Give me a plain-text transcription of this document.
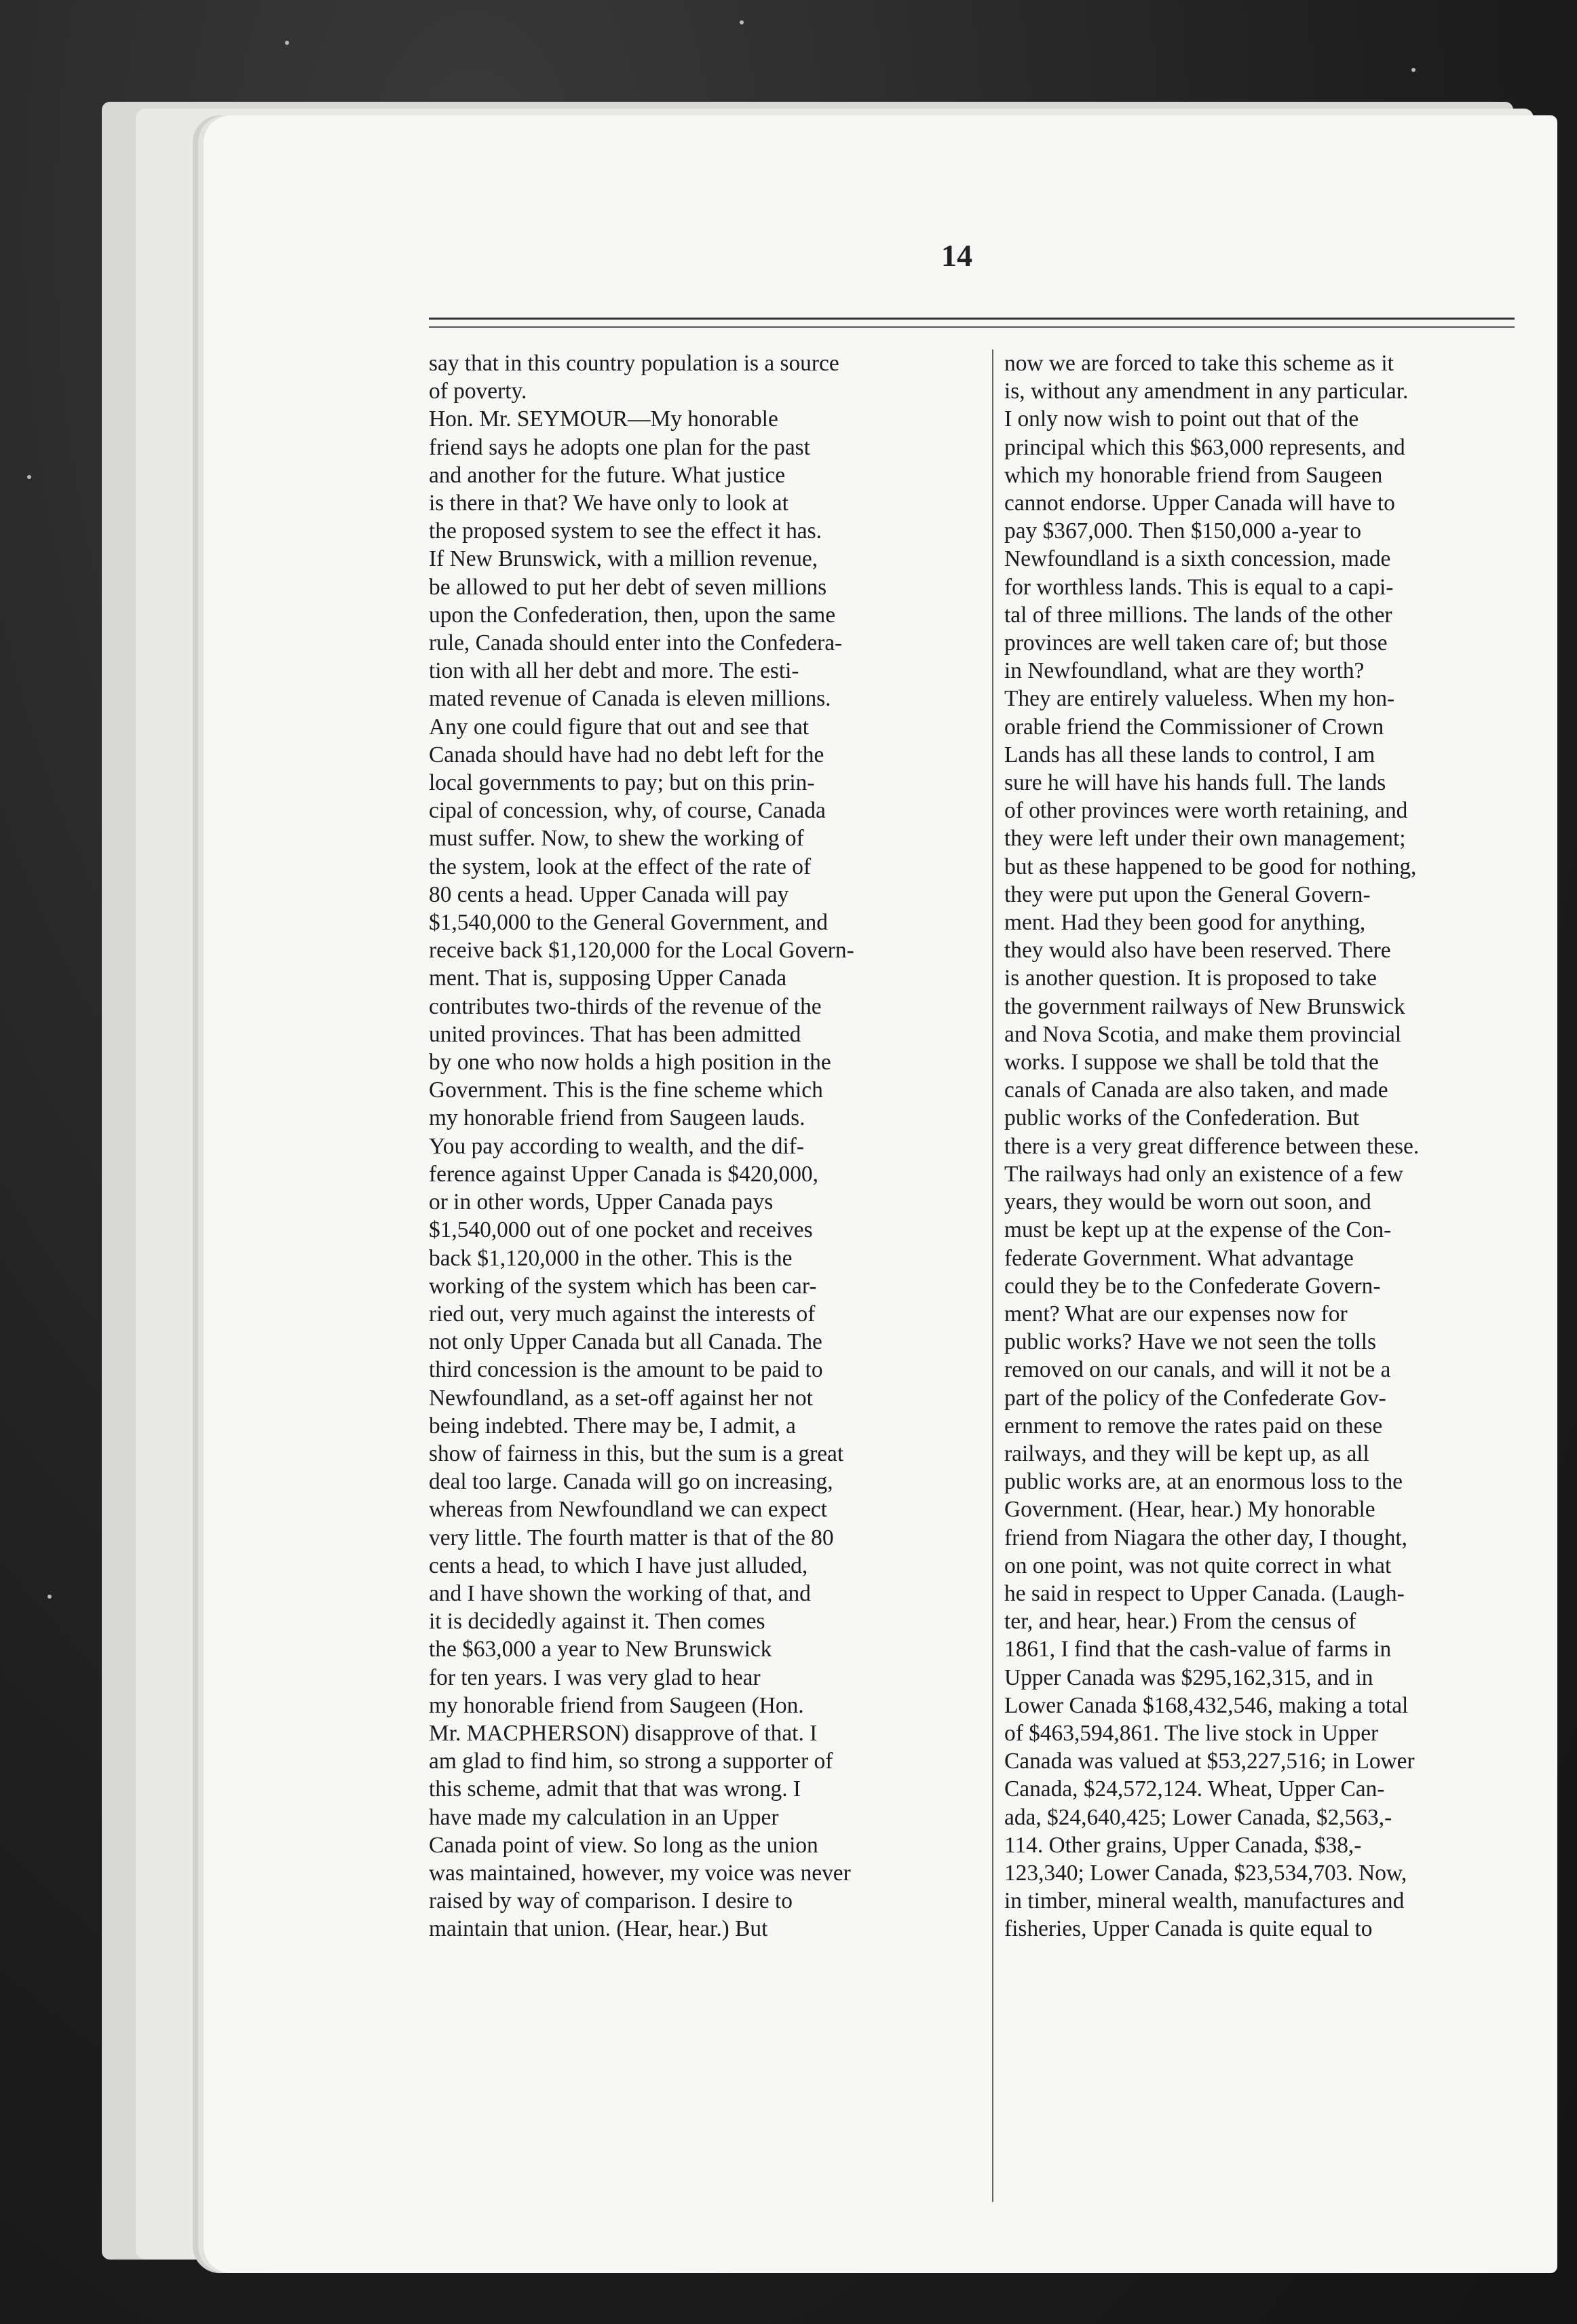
14
say that in this country population is a source
of poverty.
Hon. Mr. SEYMOUR—My honorable
friend says he adopts one plan for the past
and another for the future. What justice
is there in that? We have only to look at
the proposed system to see the effect it has.
If New Brunswick, with a million revenue,
be allowed to put her debt of seven millions
upon the Confederation, then, upon the same
rule, Canada should enter into the Confedera-
tion with all her debt and more. The esti-
mated revenue of Canada is eleven millions.
Any one could figure that out and see that
Canada should have had no debt left for the
local governments to pay; but on this prin-
cipal of concession, why, of course, Canada
must suffer. Now, to shew the working of
the system, look at the effect of the rate of
80 cents a head. Upper Canada will pay
$1,540,000 to the General Government, and
receive back $1,120,000 for the Local Govern-
ment. That is, supposing Upper Canada
contributes two-thirds of the revenue of the
united provinces. That has been admitted
by one who now holds a high position in the
Government. This is the fine scheme which
my honorable friend from Saugeen lauds.
You pay according to wealth, and the dif-
ference against Upper Canada is $420,000,
or in other words, Upper Canada pays
$1,540,000 out of one pocket and receives
back $1,120,000 in the other. This is the
working of the system which has been car-
ried out, very much against the interests of
not only Upper Canada but all Canada. The
third concession is the amount to be paid to
Newfoundland, as a set-off against her not
being indebted. There may be, I admit, a
show of fairness in this, but the sum is a great
deal too large. Canada will go on increasing,
whereas from Newfoundland we can expect
very little. The fourth matter is that of the 80
cents a head, to which I have just alluded,
and I have shown the working of that, and
it is decidedly against it. Then comes
the $63,000 a year to New Brunswick
for ten years. I was very glad to hear
my honorable friend from Saugeen (Hon.
Mr. MACPHERSON) disapprove of that. I
am glad to find him, so strong a supporter of
this scheme, admit that that was wrong. I
have made my calculation in an Upper
Canada point of view. So long as the union
was maintained, however, my voice was never
raised by way of comparison. I desire to
maintain that union. (Hear, hear.) But
now we are forced to take this scheme as it
is, without any amendment in any particular.
I only now wish to point out that of the
principal which this $63,000 represents, and
which my honorable friend from Saugeen
cannot endorse. Upper Canada will have to
pay $367,000. Then $150,000 a-year to
Newfoundland is a sixth concession, made
for worthless lands. This is equal to a capi-
tal of three millions. The lands of the other
provinces are well taken care of; but those
in Newfoundland, what are they worth?
They are entirely valueless. When my hon-
orable friend the Commissioner of Crown
Lands has all these lands to control, I am
sure he will have his hands full. The lands
of other provinces were worth retaining, and
they were left under their own management;
but as these happened to be good for nothing,
they were put upon the General Govern-
ment. Had they been good for anything,
they would also have been reserved. There
is another question. It is proposed to take
the government railways of New Brunswick
and Nova Scotia, and make them provincial
works. I suppose we shall be told that the
canals of Canada are also taken, and made
public works of the Confederation. But
there is a very great difference between these.
The railways had only an existence of a few
years, they would be worn out soon, and
must be kept up at the expense of the Con-
federate Government. What advantage
could they be to the Confederate Govern-
ment? What are our expenses now for
public works? Have we not seen the tolls
removed on our canals, and will it not be a
part of the policy of the Confederate Gov-
ernment to remove the rates paid on these
railways, and they will be kept up, as all
public works are, at an enormous loss to the
Government. (Hear, hear.) My honorable
friend from Niagara the other day, I thought,
on one point, was not quite correct in what
he said in respect to Upper Canada. (Laugh-
ter, and hear, hear.) From the census of
1861, I find that the cash-value of farms in
Upper Canada was $295,162,315, and in
Lower Canada $168,432,546, making a total
of $463,594,861. The live stock in Upper
Canada was valued at $53,227,516; in Lower
Canada, $24,572,124. Wheat, Upper Can-
ada, $24,640,425; Lower Canada, $2,563,-
114. Other grains, Upper Canada, $38,-
123,340; Lower Canada, $23,534,703. Now,
in timber, mineral wealth, manufactures and
fisheries, Upper Canada is quite equal to
